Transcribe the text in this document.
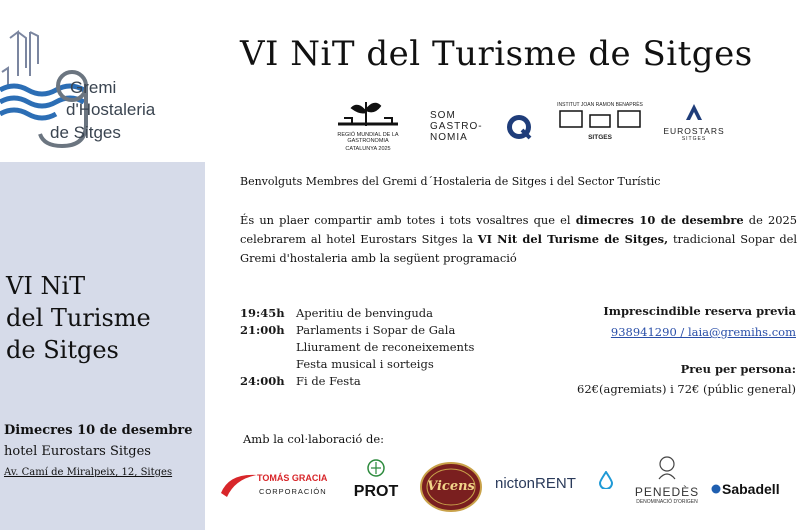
Gremi
d'Hostaleria
de Sitges
VI NiT
del Turisme
de Sitges
Dimecres 10 de desembre
hotel Eurostars Sitges
Av. Camí de Miralpeix, 12, Sitges
VI NiT del Turisme de Sitges
REGIÓ MUNDIAL DE LA GASTRONOMIA
CATALUNYA 2025
SOM
GASTRO-
NOMIA
INSTITUT JOAN RAMON BENAPRÈS
SITGES
EUROSTARS
SITGES
Benvolguts Membres del Gremi d´Hostaleria de Sitges i del Sector Turístic
És un plaer compartir amb totes i tots vosaltres que el dimecres 10 de desembre de 2025 celebrarem al hotel Eurostars Sitges la VI Nit del Turisme de Sitges, tradicional Sopar del Gremi d'hostaleria amb la següent programació
19:45h Aperitiu de benvinguda
21:00h Parlaments i Sopar de Gala
Lliurament de reconeixements
Festa musical i sorteigs
24:00h Fi de Festa
Imprescindible reserva previa
938941290 / laia@gremihs.com
Preu per persona:
62€(agremiats) i 72€ (públic general)
Amb la col·laboració de:
TOMÁS GRACIA
CORPORACIÓN	PROT	Vicens	nictonRENT	PENEDÈS
DENOMINACIÓ D'ORIGEN
Sabadell
